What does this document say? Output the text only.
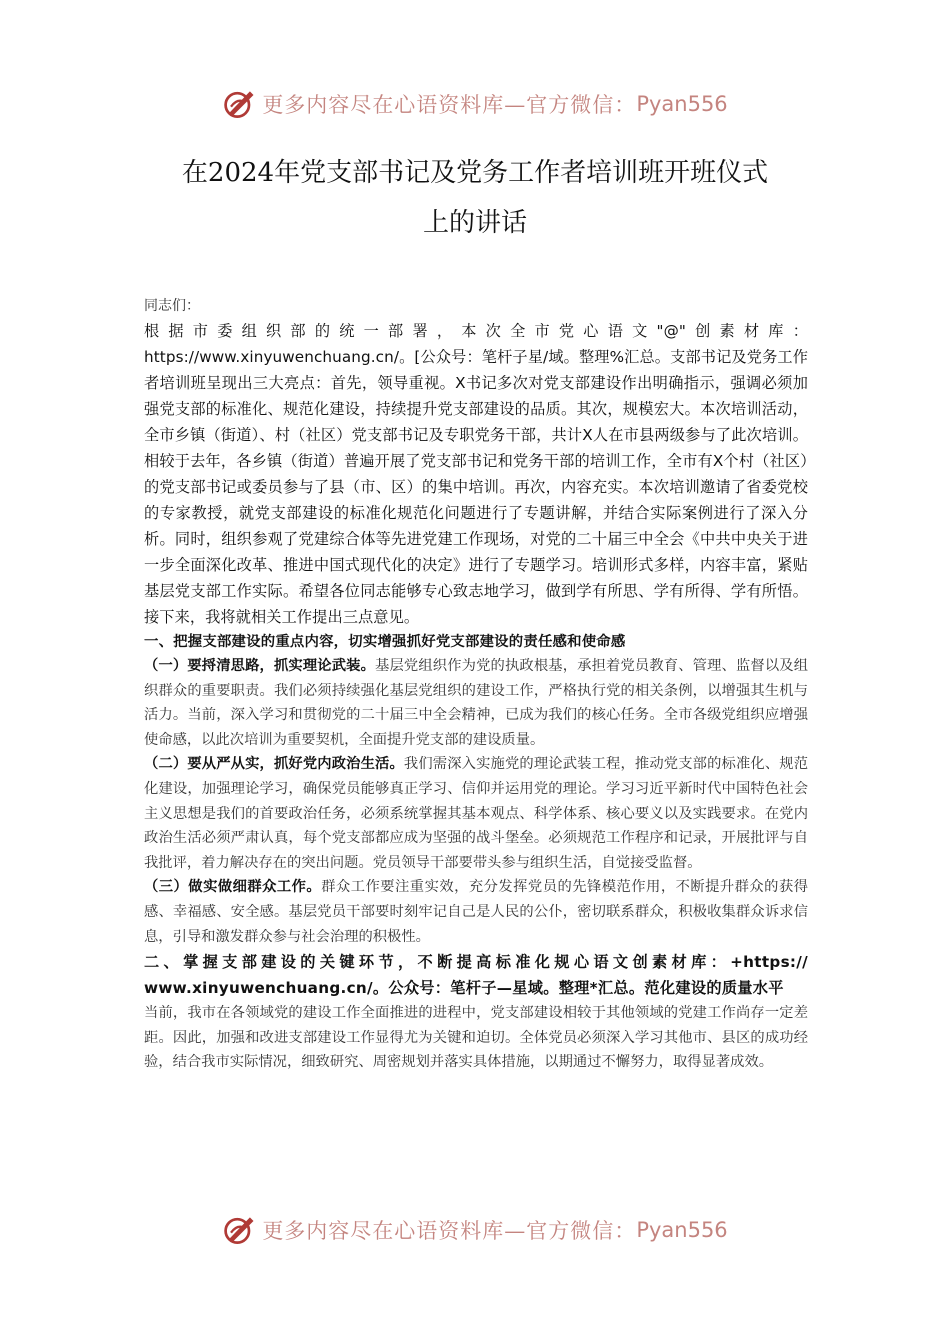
更多内容尽在心语资料库—官方微信： Pyan556
在2024年党支部书记及党务工作者培训班开班仪式
上的讲话

同志们：

根据市委组织部的统一部署，本次全市党心语文"@"创素材库：https://www.xinyuwenchuang.cn/。[公众号：笔杆子星/域。整理%汇总。支部书记及党务工作者培训班呈现出三大亮点：首先，领导重视。X书记多次对党支部建设作出明确指示，强调必须加强党支部的标准化、规范化建设，持续提升党支部建设的品质。其次，规模宏大。本次培训活动，全市乡镇（街道）、村（社区）党支部书记及专职党务干部，共计X人在市县两级参与了此次培训。相较于去年，各乡镇（街道）普遍开展了党支部书记和党务干部的培训工作，全市有X个村（社区）的党支部书记或委员参与了县（市、区）的集中培训。再次，内容充实。本次培训邀请了省委党校的专家教授，就党支部建设的标准化规范化问题进行了专题讲解，并结合实际案例进行了深入分析。同时，组织参观了党建综合体等先进党建工作现场，对党的二十届三中全会《中共中央关于进一步全面深化改革、推进中国式现代化的决定》进行了专题学习。培训形式多样，内容丰富，紧贴基层党支部工作实际。希望各位同志能够专心致志地学习，做到学有所思、学有所得、学有所悟。接下来，我将就相关工作提出三点意见。

一、把握支部建设的重点内容，切实增强抓好党支部建设的责任感和使命感

（一）要捋清思路，抓实理论武装。基层党组织作为党的执政根基，承担着党员教育、管理、监督以及组织群众的重要职责。我们必须持续强化基层党组织的建设工作，严格执行党的相关条例，以增强其生机与活力。当前，深入学习和贯彻党的二十届三中全会精神，已成为我们的核心任务。全市各级党组织应增强使命感，以此次培训为重要契机，全面提升党支部的建设质量。

（二）要从严从实，抓好党内政治生活。我们需深入实施党的理论武装工程，推动党支部的标准化、规范化建设，加强理论学习，确保党员能够真正学习、信仰并运用党的理论。学习习近平新时代中国特色社会主义思想是我们的首要政治任务，必须系统掌握其基本观点、科学体系、核心要义以及实践要求。在党内政治生活必须严肃认真，每个党支部都应成为坚强的战斗堡垒。必须规范工作程序和记录，开展批评与自我批评，着力解决存在的突出问题。党员领导干部要带头参与组织生活，自觉接受监督。

（三）做实做细群众工作。群众工作要注重实效，充分发挥党员的先锋模范作用，不断提升群众的获得感、幸福感、安全感。基层党员干部要时刻牢记自己是人民的公仆，密切联系群众，积极收集群众诉求信息，引导和激发群众参与社会治理的积极性。

二、掌握支部建设的关键环节，不断提高标准化规心语文创素材库：+https://

www.xinyuwenchuang.cn/。公众号：笔杆子—星域。整理*汇总。范化建设的质量水平

当前，我市在各领域党的建设工作全面推进的进程中，党支部建设相较于其他领域的党建工作尚存一定差距。因此，加强和改进支部建设工作显得尤为关键和迫切。全体党员必须深入学习其他市、县区的成功经验，结合我市实际情况，细致研究、周密规划并落实具体措施，以期通过不懈努力，取得显著成效。

更多内容尽在心语资料库—官方微信： Pyan556
